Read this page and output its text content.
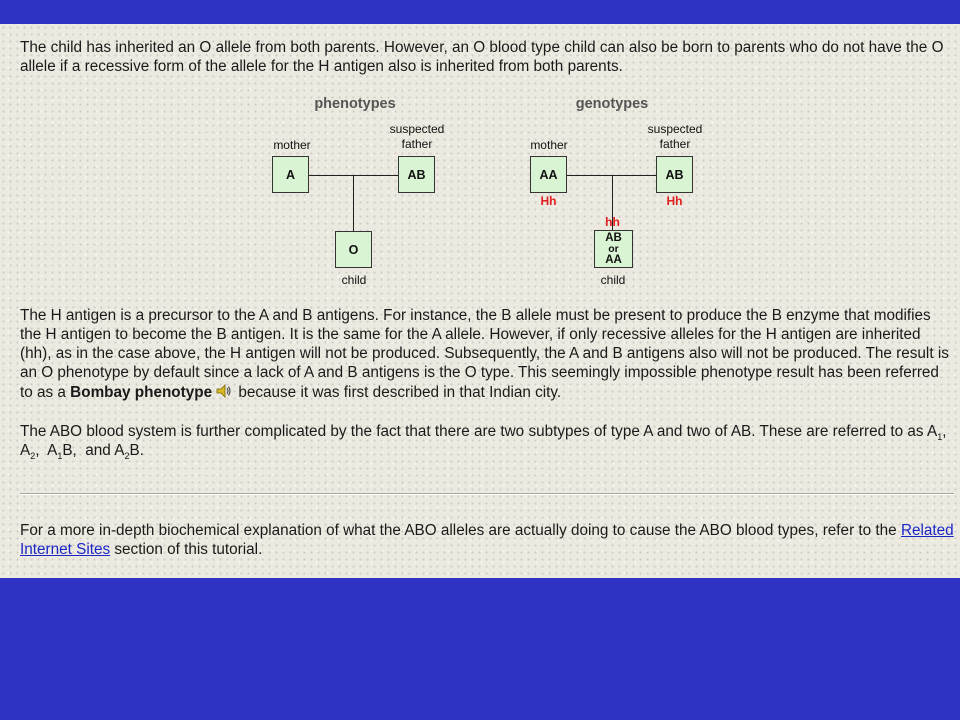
The child has inherited an O allele from both parents. However, an O blood type child can also be born to parents who do not have the O allele if a recessive form of the allele for the H antigen also is inherited from both parents.

phenotypes
mother
suspected father
A	AB
O
child
genotypes
mother
suspected father
AA	AB
Hh	Hh
hh
AB
or
AA
child

The H antigen is a precursor to the A and B antigens. For instance, the B allele must be present to produce the B enzyme that modifies the H antigen to become the B antigen. It is the same for the A allele. However, if only recessive alleles for the H antigen are inherited (hh), as in the case above, the H antigen will not be produced. Subsequently, the A and B antigens also will not be produced. The result is an O phenotype by default since a lack of A and B antigens is the O type. This seemingly impossible phenotype result has been referred to as a Bombay phenotype because it was first described in that Indian city.

The ABO blood system is further complicated by the fact that there are two subtypes of type A and two of AB. These are referred to as $A_1$,  $A_2$,  $A_1B$,  and $A_2B$.

For a more in-depth biochemical explanation of what the ABO alleles are actually doing to cause the ABO blood types, refer to the Related Internet Sites section of this tutorial.
